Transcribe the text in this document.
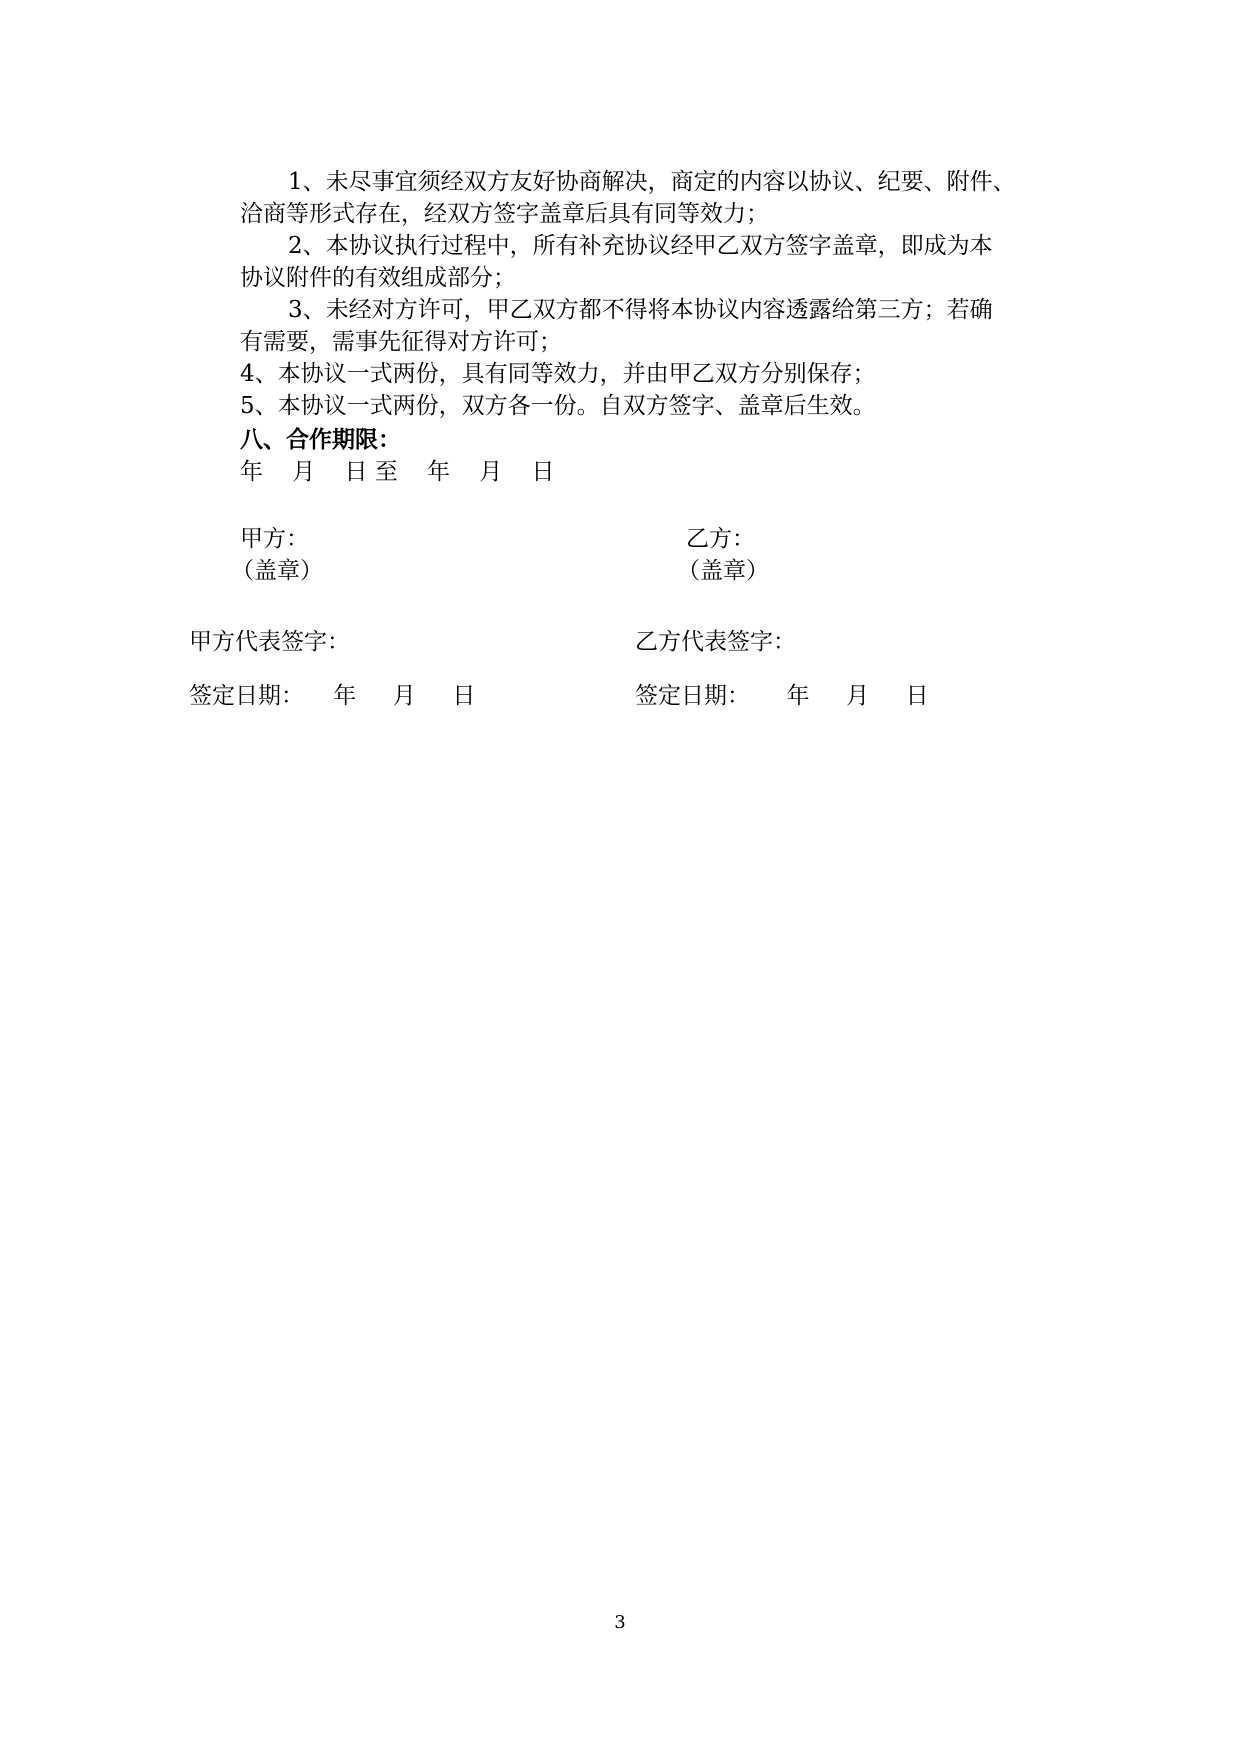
1、未尽事宜须经双方友好协商解决，商定的内容以协议、纪要、附件、
洽商等形式存在，经双方签字盖章后具有同等效力；
2、本协议执行过程中，所有补充协议经甲乙双方签字盖章，即成为本
协议附件的有效组成部分；
3、未经对方许可，甲乙双方都不得将本协议内容透露给第三方；若确
有需要，需事先征得对方许可；
4、本协议一式两份，具有同等效力，并由甲乙双方分别保存；
5、本协议一式两份，双方各一份。自双方签字、盖章后生效。
八、合作期限：
年    月    日 至    年    月    日
甲方：	乙方：
（盖章）	（盖章）
甲方代表签字：	乙方代表签字：
签定日期：    年     月     日	签定日期：     年     月     日
3
